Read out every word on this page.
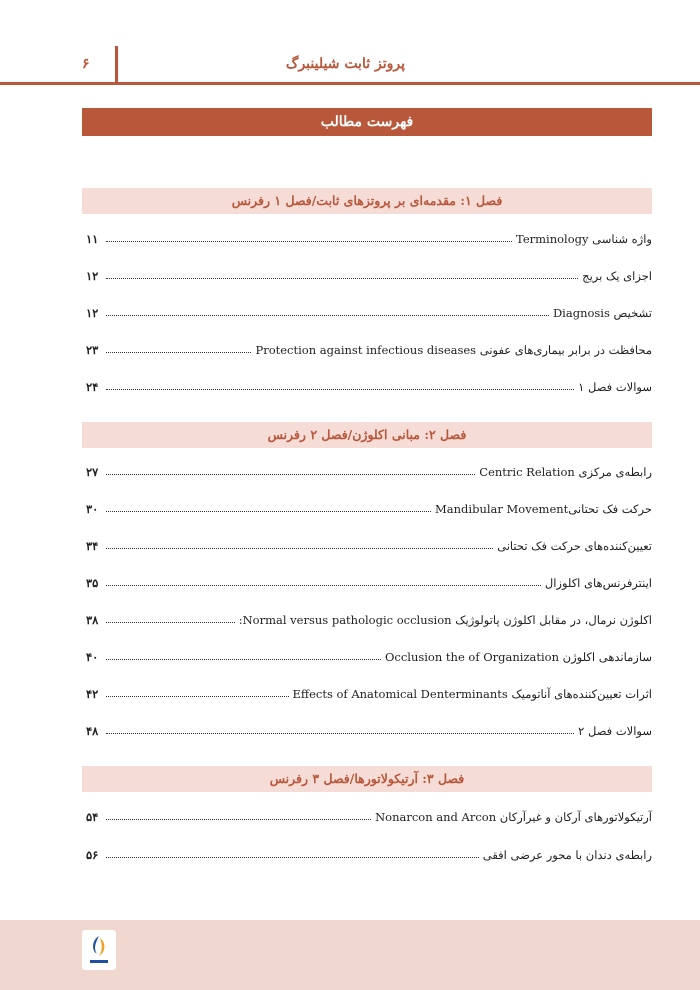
پروتز ثابت شیلینبرگ
۶
فهرست مطالب
فصل ۱: مقدمه‌ای بر پروتزهای ثابت/فصل ۱ رفرنس
واژه شناسی Terminology
۱۱
اجزای یک بریج
۱۲
تشخیص Diagnosis
۱۲
محافظت در برابر بیماری‌های عفونی Protection against infectious diseases
۲۳
سوالات فصل ۱
۲۴
فصل ۲: مبانی اکلوژن/فصل ۲ رفرنس
رابطه‌ی مرکزی Centric Relation
۲۷
حرکت فک تحتانیMandibular Movement
۳۰
تعیین‌کننده‌های حرکت فک تحتانی
۳۴
اینترفرنس‌های اکلوزال
۳۵
اکلوژن نرمال، در مقابل اکلوژن پاتولوژیک Normal versus pathologic occlusion:
۳۸
سازماندهی اکلوژن Occlusion the of Organization
۴۰
اثرات تعیین‌کننده‌های آناتومیک Effects of Anatomical Denterminants
۴۲
سوالات فصل ۲
۴۸
فصل ۳: آرتیکولاتورها/فصل ۳ رفرنس
آرتیکولاتورهای آرکان و غیرآرکان Nonarcon and Arcon
۵۴
رابطه‌ی دندان با محور عرضی افقی
۵۶
